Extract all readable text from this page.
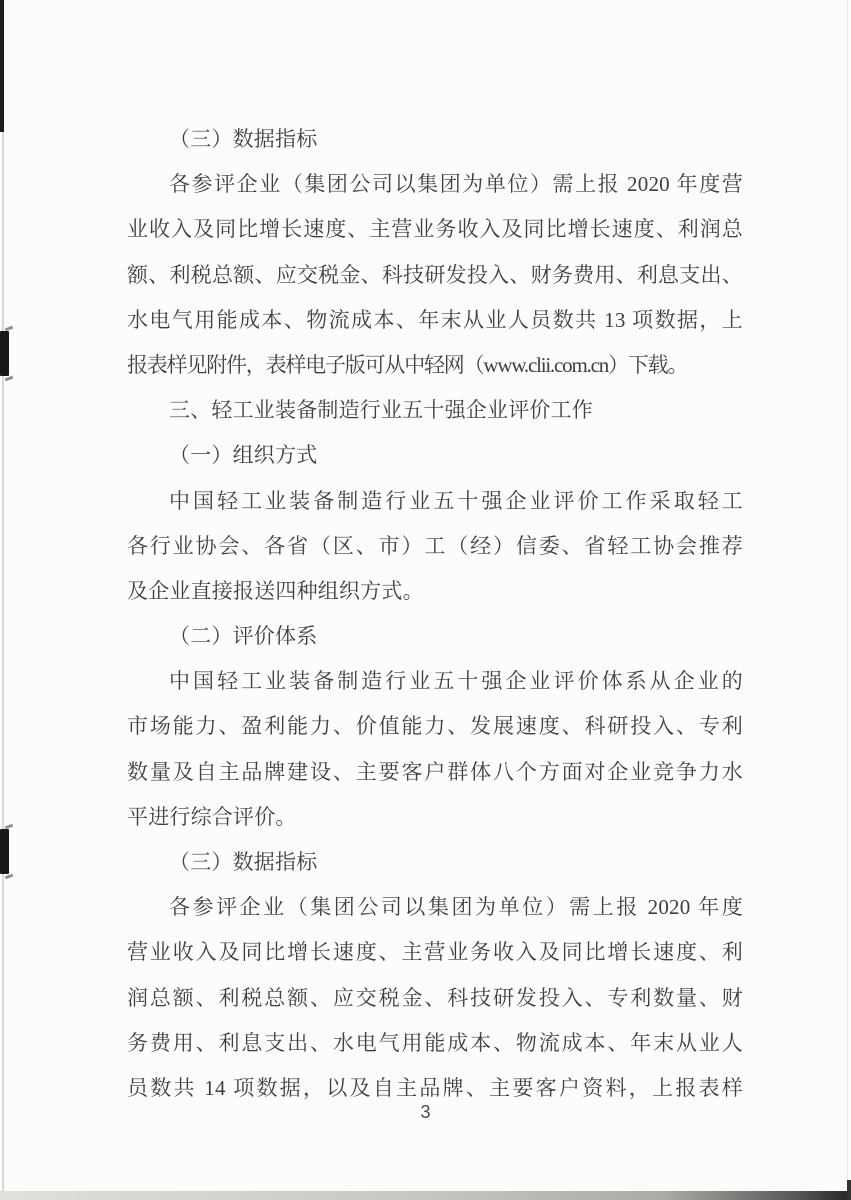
（三）数据指标
各参评企业（集团公司以集团为单位）需上报 2020 年度营
业收入及同比增长速度、主营业务收入及同比增长速度、利润总
额、利税总额、应交税金、科技研发投入、财务费用、利息支出、
水电气用能成本、物流成本、年末从业人员数共 13 项数据，上
报表样见附件，表样电子版可从中轻网（www.clii.com.cn）下载。
三、轻工业装备制造行业五十强企业评价工作
（一）组织方式
中国轻工业装备制造行业五十强企业评价工作采取轻工
各行业协会、各省（区、市）工（经）信委、省轻工协会推荐
及企业直接报送四种组织方式。
（二）评价体系
中国轻工业装备制造行业五十强企业评价体系从企业的
市场能力、盈利能力、价值能力、发展速度、科研投入、专利
数量及自主品牌建设、主要客户群体八个方面对企业竞争力水
平进行综合评价。
（三）数据指标
各参评企业（集团公司以集团为单位）需上报 2020 年度
营业收入及同比增长速度、主营业务收入及同比增长速度、利
润总额、利税总额、应交税金、科技研发投入、专利数量、财
务费用、利息支出、水电气用能成本、物流成本、年末从业人
员数共 14 项数据，以及自主品牌、主要客户资料，上报表样
3
